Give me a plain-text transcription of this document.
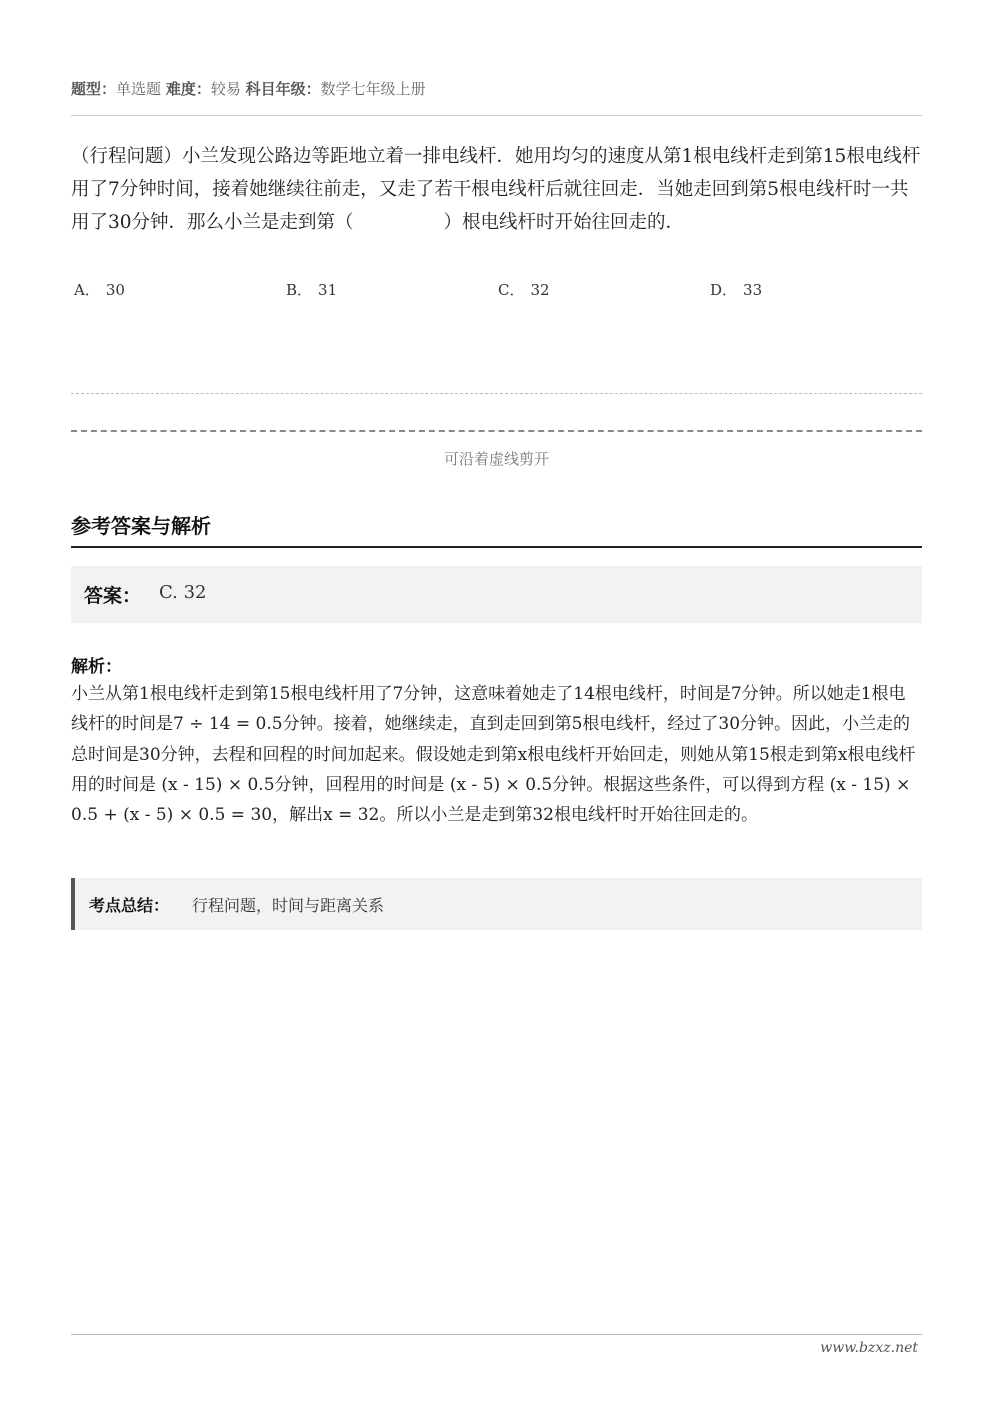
题型：单选题 难度：较易 科目年级：数学七年级上册
（行程问题）小兰发现公路边等距地立着一排电线杆．她用均匀的速度从第1根电线杆走到第15根电线杆用了7分钟时间，接着她继续往前走，又走了若干根电线杆后就往回走．当她走回到第5根电线杆时一共用了30分钟．那么小兰是走到第（	）根电线杆时开始往回走的．
A． 30	B． 31	C． 32	D． 33
可沿着虚线剪开
参考答案与解析
答案： C. 32
解析：
小兰从第1根电线杆走到第15根电线杆用了7分钟，这意味着她走了14根电线杆，时间是7分钟。所以她走1根电线杆的时间是7 ÷ 14 = 0.5分钟。接着，她继续走，直到走回到第5根电线杆，经过了30分钟。因此，小兰走的总时间是30分钟，去程和回程的时间加起来。假设她走到第x根电线杆开始回走，则她从第15根走到第x根电线杆用的时间是 (x - 15) × 0.5分钟，回程用的时间是 (x - 5) × 0.5分钟。根据这些条件，可以得到方程 (x - 15) × 0.5 + (x - 5) × 0.5 = 30，解出x = 32。所以小兰是走到第32根电线杆时开始往回走的。
考点总结： 行程问题，时间与距离关系
www.bzxz.net
